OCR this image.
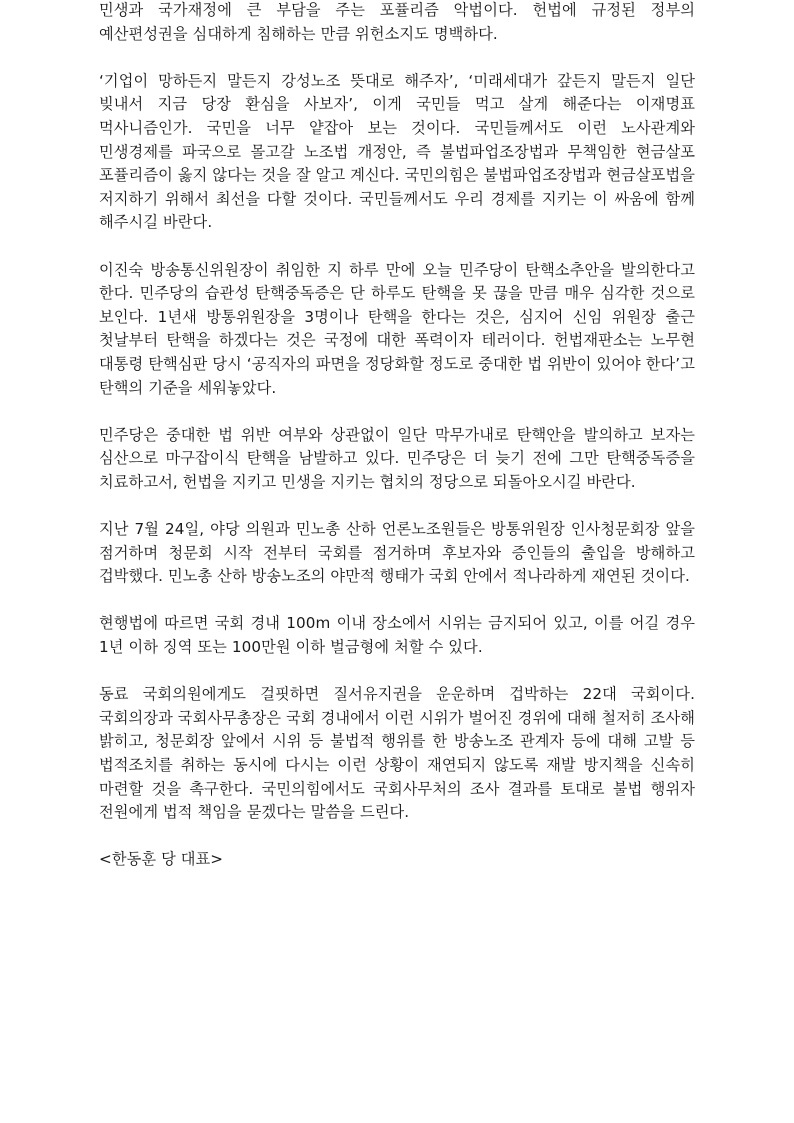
민생과 국가재정에 큰 부담을 주는 포퓰리즘 악법이다. 헌법에 규정된 정부의 예산편성권을 심대하게 침해하는 만큼 위헌소지도 명백하다.

‘기업이 망하든지 말든지 강성노조 뜻대로 해주자’, ‘미래세대가 갚든지 말든지 일단 빚내서 지금 당장 환심을 사보자’, 이게 국민들 먹고 살게 해준다는 이재명표 먹사니즘인가. 국민을 너무 얕잡아 보는 것이다. 국민들께서도 이런 노사관계와 민생경제를 파국으로 몰고갈 노조법 개정안, 즉 불법파업조장법과 무책임한 현금살포 포퓰리즘이 옳지 않다는 것을 잘 알고 계신다. 국민의힘은 불법파업조장법과 현금살포법을 저지하기 위해서 최선을 다할 것이다. 국민들께서도 우리 경제를 지키는 이 싸움에 함께 해주시길 바란다.

이진숙 방송통신위원장이 취임한 지 하루 만에 오늘 민주당이 탄핵소추안을 발의한다고 한다. 민주당의 습관성 탄핵중독증은 단 하루도 탄핵을 못 끊을 만큼 매우 심각한 것으로 보인다. 1년새 방통위원장을 3명이나 탄핵을 한다는 것은, 심지어 신임 위원장 출근 첫날부터 탄핵을 하겠다는 것은 국정에 대한 폭력이자 테러이다. 헌법재판소는 노무현 대통령 탄핵심판 당시 ‘공직자의 파면을 정당화할 정도로 중대한 법 위반이 있어야 한다’고 탄핵의 기준을 세워놓았다.

민주당은 중대한 법 위반 여부와 상관없이 일단 막무가내로 탄핵안을 발의하고 보자는 심산으로 마구잡이식 탄핵을 남발하고 있다. 민주당은 더 늦기 전에 그만 탄핵중독증을 치료하고서, 헌법을 지키고 민생을 지키는 협치의 정당으로 되돌아오시길 바란다.

지난 7월 24일, 야당 의원과 민노총 산하 언론노조원들은 방통위원장 인사청문회장 앞을 점거하며 청문회 시작 전부터 국회를 점거하며 후보자와 증인들의 출입을 방해하고 겁박했다. 민노총 산하 방송노조의 야만적 행태가 국회 안에서 적나라하게 재연된 것이다.

현행법에 따르면 국회 경내 100m 이내 장소에서 시위는 금지되어 있고, 이를 어길 경우 1년 이하 징역 또는 100만원 이하 벌금형에 처할 수 있다.

동료 국회의원에게도 걸핏하면 질서유지권을 운운하며 겁박하는 22대 국회이다. 국회의장과 국회사무총장은 국회 경내에서 이런 시위가 벌어진 경위에 대해 철저히 조사해 밝히고, 청문회장 앞에서 시위 등 불법적 행위를 한 방송노조 관계자 등에 대해 고발 등 법적조치를 취하는 동시에 다시는 이런 상황이 재연되지 않도록 재발 방지책을 신속히 마련할 것을 촉구한다. 국민의힘에서도 국회사무처의 조사 결과를 토대로 불법 행위자 전원에게 법적 책임을 묻겠다는 말씀을 드린다.

<한동훈 당 대표>
